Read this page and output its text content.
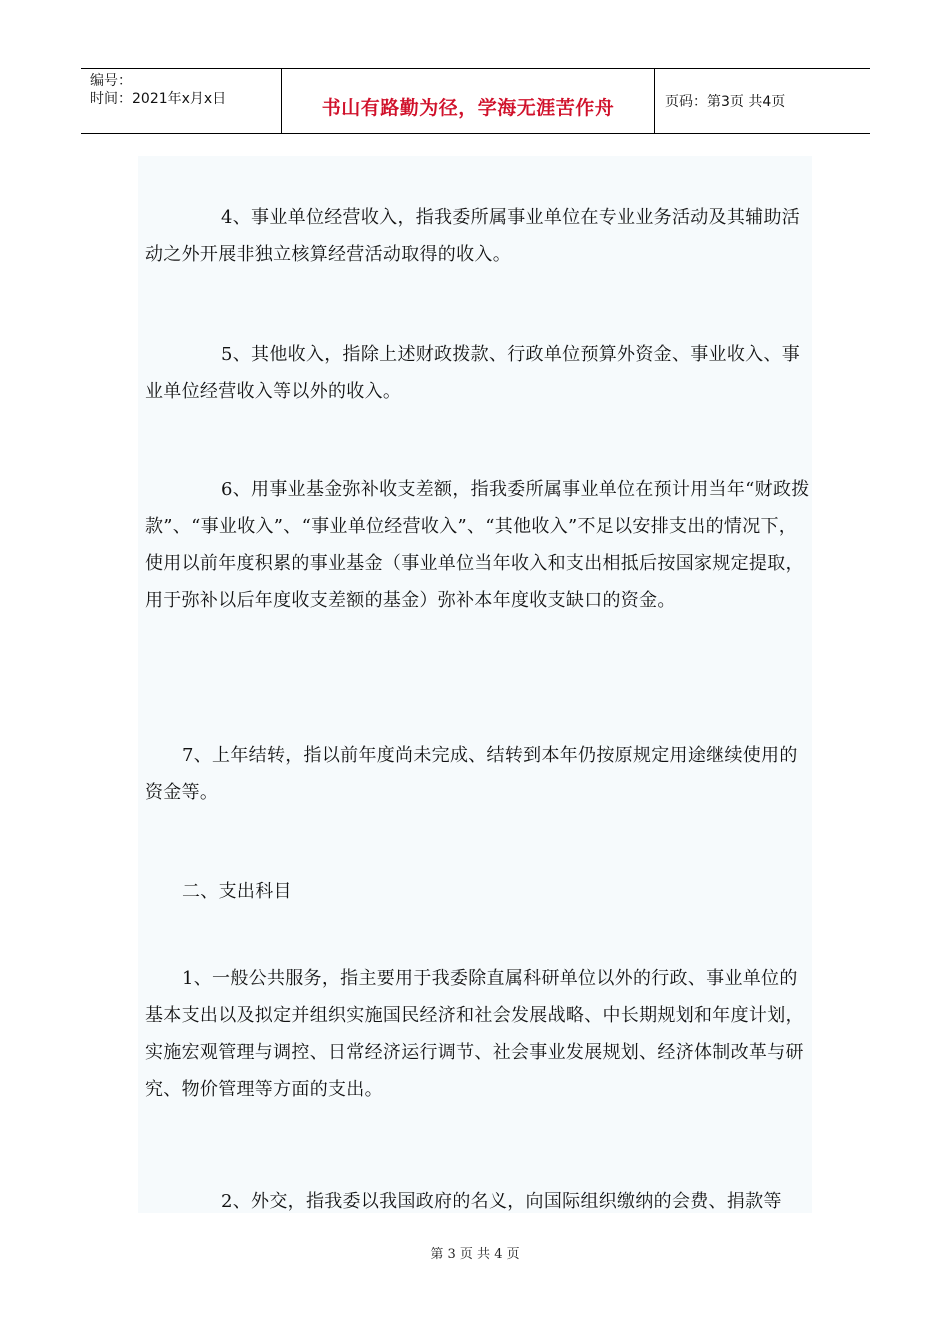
编号：
时间：2021年x月x日	书山有路勤为径，学海无涯苦作舟	页码：第3页 共4页
4、事业单位经营收入，指我委所属事业单位在专业业务活动及其辅助活动之外开展非独立核算经营活动取得的收入。
5、其他收入，指除上述财政拨款、行政单位预算外资金、事业收入、事业单位经营收入等以外的收入。
6、用事业基金弥补收支差额，指我委所属事业单位在预计用当年“财政拨款”、“事业收入”、“事业单位经营收入”、“其他收入”不足以安排支出的情况下，使用以前年度积累的事业基金（事业单位当年收入和支出相抵后按国家规定提取，用于弥补以后年度收支差额的基金）弥补本年度收支缺口的资金。
7、上年结转，指以前年度尚未完成、结转到本年仍按原规定用途继续使用的资金等。
二、支出科目
1、一般公共服务，指主要用于我委除直属科研单位以外的行政、事业单位的基本支出以及拟定并组织实施国民经济和社会发展战略、中长期规划和年度计划，实施宏观管理与调控、日常经济运行调节、社会事业发展规划、经济体制改革与研究、物价管理等方面的支出。
2、外交，指我委以我国政府的名义，向国际组织缴纳的会费、捐款等
第 3 页 共 4 页
